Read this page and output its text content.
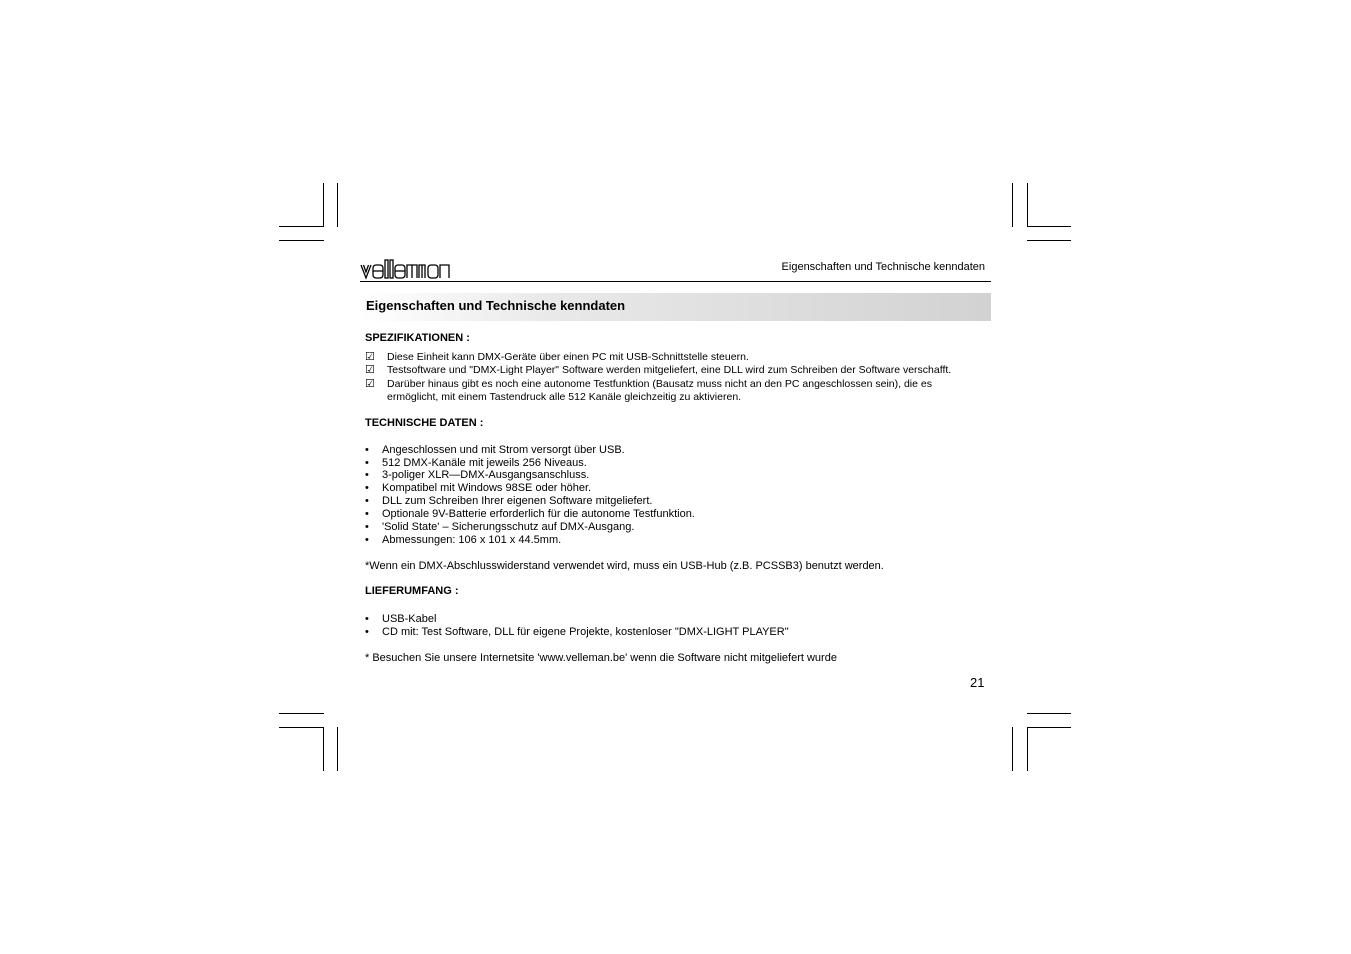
Eigenschaften und Technische kenndaten
Eigenschaften und Technische kenndaten
SPEZIFIKATIONEN :
☑	Diese Einheit kann DMX-Geräte über einen PC mit USB-Schnittstelle steuern.
☑	Testsoftware und "DMX-Light Player" Software werden mitgeliefert, eine DLL wird zum Schreiben der Software verschafft.
☑	Darüber hinaus gibt es noch eine autonome Testfunktion (Bausatz muss nicht an den PC angeschlossen sein), die es
ermöglicht, mit einem Tastendruck alle 512 Kanäle gleichzeitig zu aktivieren.
TECHNISCHE DATEN :
• Angeschlossen und mit Strom versorgt über USB.
• 512 DMX-Kanäle mit jeweils 256 Niveaus.
• 3-poliger XLR—DMX-Ausgangsanschluss.
• Kompatibel mit Windows 98SE oder höher.
• DLL zum Schreiben Ihrer eigenen Software mitgeliefert.
• Optionale 9V-Batterie erforderlich für die autonome Testfunktion.
• 'Solid State' – Sicherungsschutz auf DMX-Ausgang.
• Abmessungen: 106 x 101 x 44.5mm.
*Wenn ein DMX-Abschlusswiderstand verwendet wird, muss ein USB-Hub (z.B. PCSSB3) benutzt werden.
LIEFERUMFANG :
• USB-Kabel
• CD mit: Test Software, DLL für eigene Projekte, kostenloser "DMX-LIGHT PLAYER"
* Besuchen Sie unsere Internetsite 'www.velleman.be' wenn die Software nicht mitgeliefert wurde
21
